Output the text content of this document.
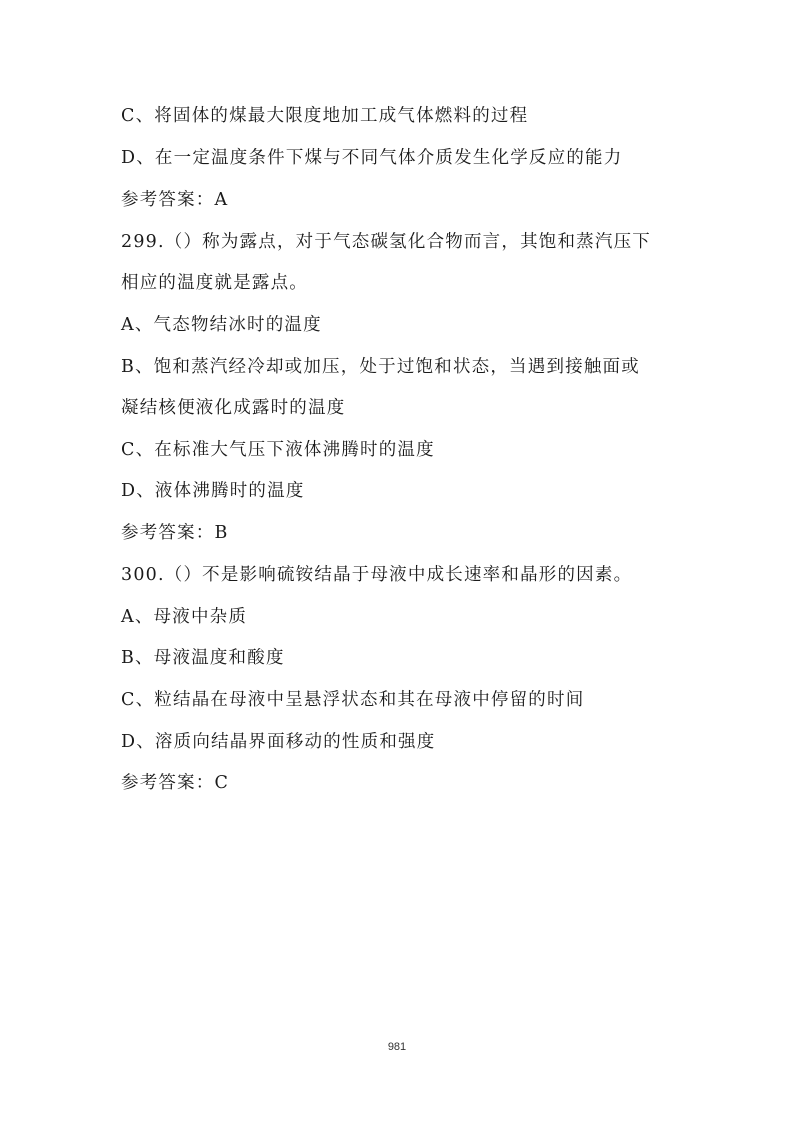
C、将固体的煤最大限度地加工成气体燃料的过程
D、在一定温度条件下煤与不同气体介质发生化学反应的能力
参考答案：A
299.（）称为露点，对于气态碳氢化合物而言，其饱和蒸汽压下
相应的温度就是露点。
A、气态物结冰时的温度
B、饱和蒸汽经冷却或加压，处于过饱和状态，当遇到接触面或
凝结核便液化成露时的温度
C、在标准大气压下液体沸腾时的温度
D、液体沸腾时的温度
参考答案：B
300.（）不是影响硫铵结晶于母液中成长速率和晶形的因素。
A、母液中杂质
B、母液温度和酸度
C、粒结晶在母液中呈悬浮状态和其在母液中停留的时间
D、溶质向结晶界面移动的性质和强度
参考答案：C
981
